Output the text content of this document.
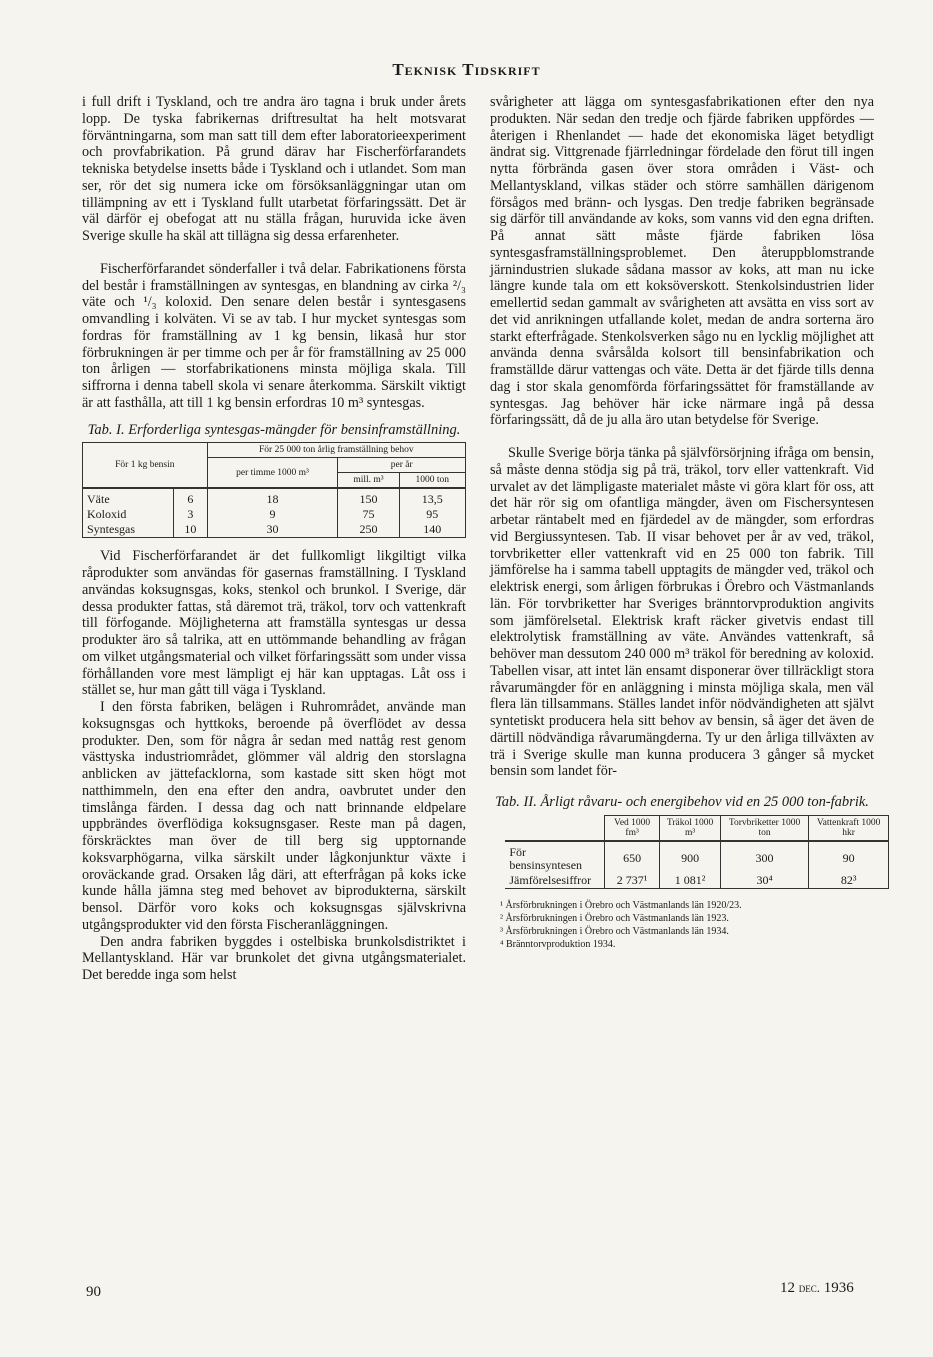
Teknisk Tidskrift

i full drift i Tyskland, och tre andra äro tagna i bruk under årets lopp. De tyska fabrikernas driftresultat ha helt motsvarat förväntningarna, som man satt till dem efter laboratorieexperiment och provfabrikation. På grund därav har Fischerförfarandets tekniska betydelse insetts både i Tyskland och i utlandet. Som man ser, rör det sig numera icke om försöksanläggningar utan om tillämpning av ett i Tyskland fullt utarbetat förfaringssätt. Det är väl därför ej obefogat att nu ställa frågan, huruvida icke även Sverige skulle ha skäl att tillägna sig dessa erfarenheter.

Fischerförfarandet sönderfaller i två delar. Fabrikationens första del består i framställningen av syntesgas, en blandning av cirka ²/₃ väte och ¹/₃ koloxid. Den senare delen består i syntesgasens omvandling i kolväten. Vi se av tab. I hur mycket syntesgas som fordras för framställning av 1 kg bensin, likaså hur stor förbrukningen är per timme och per år för framställning av 25 000 ton årligen — storfabrikationens minsta möjliga skala. Till siffrorna i denna tabell skola vi senare återkomma. Särskilt viktigt är att fasthålla, att till 1 kg bensin erfordras 10 m³ syntesgas.

Tab. I. Erforderliga syntesgas-mängder för bensinframställning.
För 1 kg bensin		För 25 000 ton årlig framställning behov		
		per timme 1000 m³	per år	
			mill. m³	1000 ton
Väte	6	18	150	13,5
Koloxid	3	9	75	95
Syntesgas	10	30	250	140

Vid Fischerförfarandet är det fullkomligt likgiltigt vilka råprodukter som användas för gasernas framställning. I Tyskland användas koksugnsgas, koks, stenkol och brunkol. I Sverige, där dessa produkter fattas, stå däremot trä, träkol, torv och vattenkraft till förfogande. Möjligheterna att framställa syntesgas ur dessa produkter äro så talrika, att en uttömmande behandling av frågan om vilket utgångsmaterial och vilket förfaringssätt som under vissa förhållanden vore mest lämpligt ej här kan upptagas. Låt oss i stället se, hur man gått till väga i Tyskland.

I den första fabriken, belägen i Ruhrområdet, använde man koksugnsgas och hyttkoks, beroende på överflödet av dessa produkter. Den, som för några år sedan med nattåg rest genom västtyska industriområdet, glömmer väl aldrig den storslagna anblicken av jättefacklorna, som kastade sitt sken högt mot natthimmeln, den ena efter den andra, oavbrutet under den timslånga färden. I dessa dag och natt brinnande eldpelare uppbrändes överflödiga koksugnsgaser. Reste man på dagen, förskräcktes man över de till berg sig upptornande koksvarphögarna, vilka särskilt under lågkonjunktur växte i oroväckande grad. Orsaken låg däri, att efterfrågan på koks icke kunde hålla jämna steg med behovet av biprodukterna, särskilt bensol. Därför voro koks och koksugnsgas självskrivna utgångsprodukter vid den första Fischeranläggningen.

Den andra fabriken byggdes i ostelbiska brunkolsdistriktet i Mellantyskland. Här var brunkolet det givna utgångsmaterialet. Det beredde inga som helst

svårigheter att lägga om syntesgasfabrikationen efter den nya produkten. När sedan den tredje och fjärde fabriken uppfördes — återigen i Rhenlandet — hade det ekonomiska läget betydligt ändrat sig. Vittgrenade fjärrledningar fördelade den förut till ingen nytta förbrända gasen över stora områden i Väst- och Mellantyskland, vilkas städer och större samhällen därigenom försågos med bränn- och lysgas. Den tredje fabriken begränsade sig därför till användande av koks, som vanns vid den egna driften. På annat sätt måste fjärde fabriken lösa syntesgasframställningsproblemet. Den återuppblomstrande järnindustrien slukade sådana massor av koks, att man nu icke längre kunde tala om ett koksöverskott. Stenkolsindustrien lider emellertid sedan gammalt av svårigheten att avsätta en viss sort av det vid anrikningen utfallande kolet, medan de andra sorterna äro starkt efterfrågade. Stenkolsverken sågo nu en lycklig möjlighet att använda denna svårsålda kolsort till bensinfabrikation och framställde därur vattengas och väte. Detta är det fjärde tills denna dag i stor skala genomförda förfaringssättet för framställande av syntesgas. Jag behöver här icke närmare ingå på dessa förfaringssätt, då de ju alla äro utan betydelse för Sverige.

Skulle Sverige börja tänka på självförsörjning ifråga om bensin, så måste denna stödja sig på trä, träkol, torv eller vattenkraft. Vid urvalet av det lämpligaste materialet måste vi göra klart för oss, att det här rör sig om ofantliga mängder, även om Fischersyntesen arbetar räntabelt med en fjärdedel av de mängder, som erfordras vid Bergiussyntesen. Tab. II visar behovet per år av ved, träkol, torvbriketter eller vattenkraft vid en 25 000 ton fabrik. Till jämförelse ha i samma tabell upptagits de mängder ved, träkol och elektrisk energi, som årligen förbrukas i Örebro och Västmanlands län. För torvbriketter har Sveriges bränntorvproduktion angivits som jämförelsetal. Elektrisk kraft räcker givetvis endast till elektrolytisk framställning av väte. Användes vattenkraft, så behöver man dessutom 240 000 m³ träkol för beredning av koloxid. Tabellen visar, att intet län ensamt disponerar över tillräckligt stora råvarumängder för en anläggning i minsta möjliga skala, men väl flera län tillsammans. Ställes landet inför nödvändigheten att självt syntetiskt producera hela sitt behov av bensin, så äger det även de därtill nödvändiga råvarumängderna. Ty ur den årliga tillväxten av trä i Sverige skulle man kunna producera 3 gånger så mycket bensin som landet för-

Tab. II. Årligt råvaru- och energibehov vid en 25 000 ton-fabrik.
	Ved 1000 fm³	Träkol 1000 m³	Torvbriketter 1000 ton	Vattenkraft 1000 hkr
För bensinsyntesen	650	900	300	90
Jämförelsesiffror	2 737¹	1 081²	30⁴	82³
¹ Årsförbrukningen i Örebro och Västmanlands län 1920/23.
² Årsförbrukningen i Örebro och Västmanlands län 1923.
³ Årsförbrukningen i Örebro och Västmanlands län 1934.
⁴ Bränntorvproduktion 1934.
90	12 dec. 1936
